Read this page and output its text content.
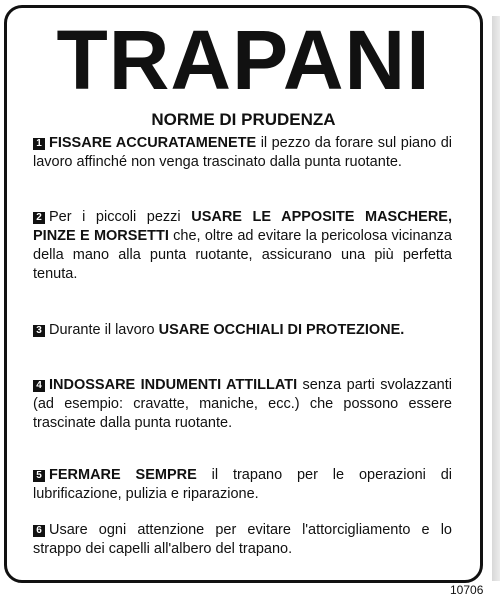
TRAPANI
NORME DI PRUDENZA
1 FISSARE ACCURATAMENETE il pezzo da forare sul piano di lavoro affinché non venga trascinato dalla punta ruotante.
2 Per i piccoli pezzi USARE LE APPOSITE MASCHERE, PINZE E MORSETTI che, oltre ad evitare la pericolosa vicinanza della mano alla punta ruotante, assicurano una più perfetta tenuta.
3 Durante il lavoro USARE OCCHIALI DI PROTEZIONE.
4 INDOSSARE INDUMENTI ATTILLATI senza parti svolazzanti (ad esempio: cravatte, maniche, ecc.) che possono essere trascinate dalla punta ruotante.
5 FERMARE SEMPRE il trapano per le operazioni di lubrificazione, pulizia e riparazione.
6 Usare ogni attenzione per evitare l'attorcigliamento e lo strappo dei capelli all'albero del trapano.
10706
